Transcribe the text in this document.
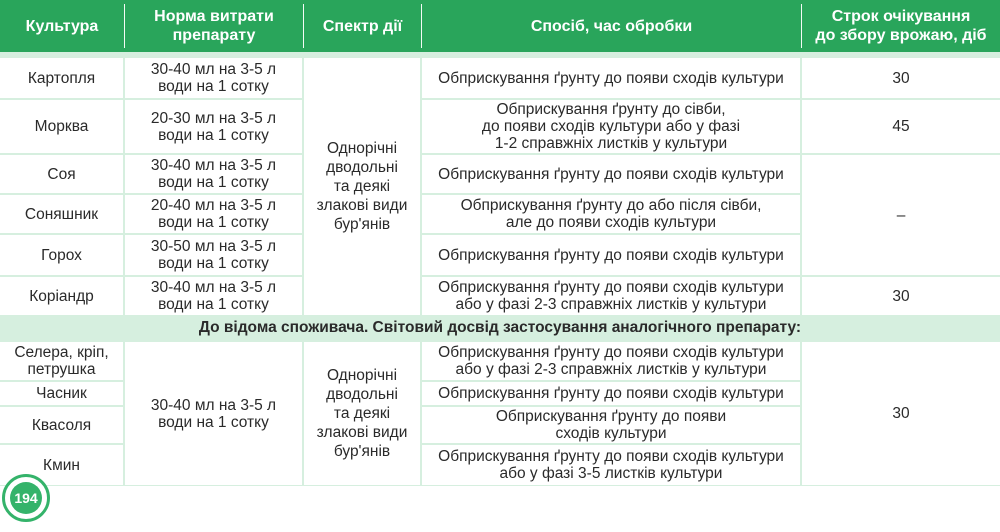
Культура
Норма витрати
препарату
Спектр дії	Спосіб, час обробки
Строк очікування
до збору врожаю, діб
Картопля
Морква
Соя
Соняшник
Горох
Коріандр
30-40 мл на 3-5 л
води на 1 сотку
20-30 мл на 3-5 л
води на 1 сотку
30-40 мл на 3-5 л
води на 1 сотку
20-40 мл на 3-5 л
води на 1 сотку
30-50 мл на 3-5 л
води на 1 сотку
30-40 мл на 3-5 л
води на 1 сотку
Однорічні
дводольні
та деякі
злакові види
бур'янів
Обприскування ґрунту до появи сходів культури
Обприскування ґрунту до сівби,
до появи сходів культури або у фазі
1-2 справжніх листків у культури
Обприскування ґрунту до появи сходів культури
Обприскування ґрунту до або після сівби,
але до появи сходів культури
Обприскування ґрунту до появи сходів культури
Обприскування ґрунту до появи сходів культури
або у фазі 2-3 справжніх листків у культури
30
45
–
30
До відома споживача. Світовий досвід застосування аналогічного препарату:
Селера, кріп,
петрушка
Часник
Квасоля
Кмин
30-40 мл на 3-5 л
води на 1 сотку
Однорічні
дводольні
та деякі
злакові види
бур'янів
30
Обприскування ґрунту до появи сходів культури
або у фазі 2-3 справжніх листків у культури
Обприскування ґрунту до появи сходів культури
Обприскування ґрунту до появи
сходів культури
Обприскування ґрунту до появи сходів культури
або у фазі 3-5 листків культури
194
